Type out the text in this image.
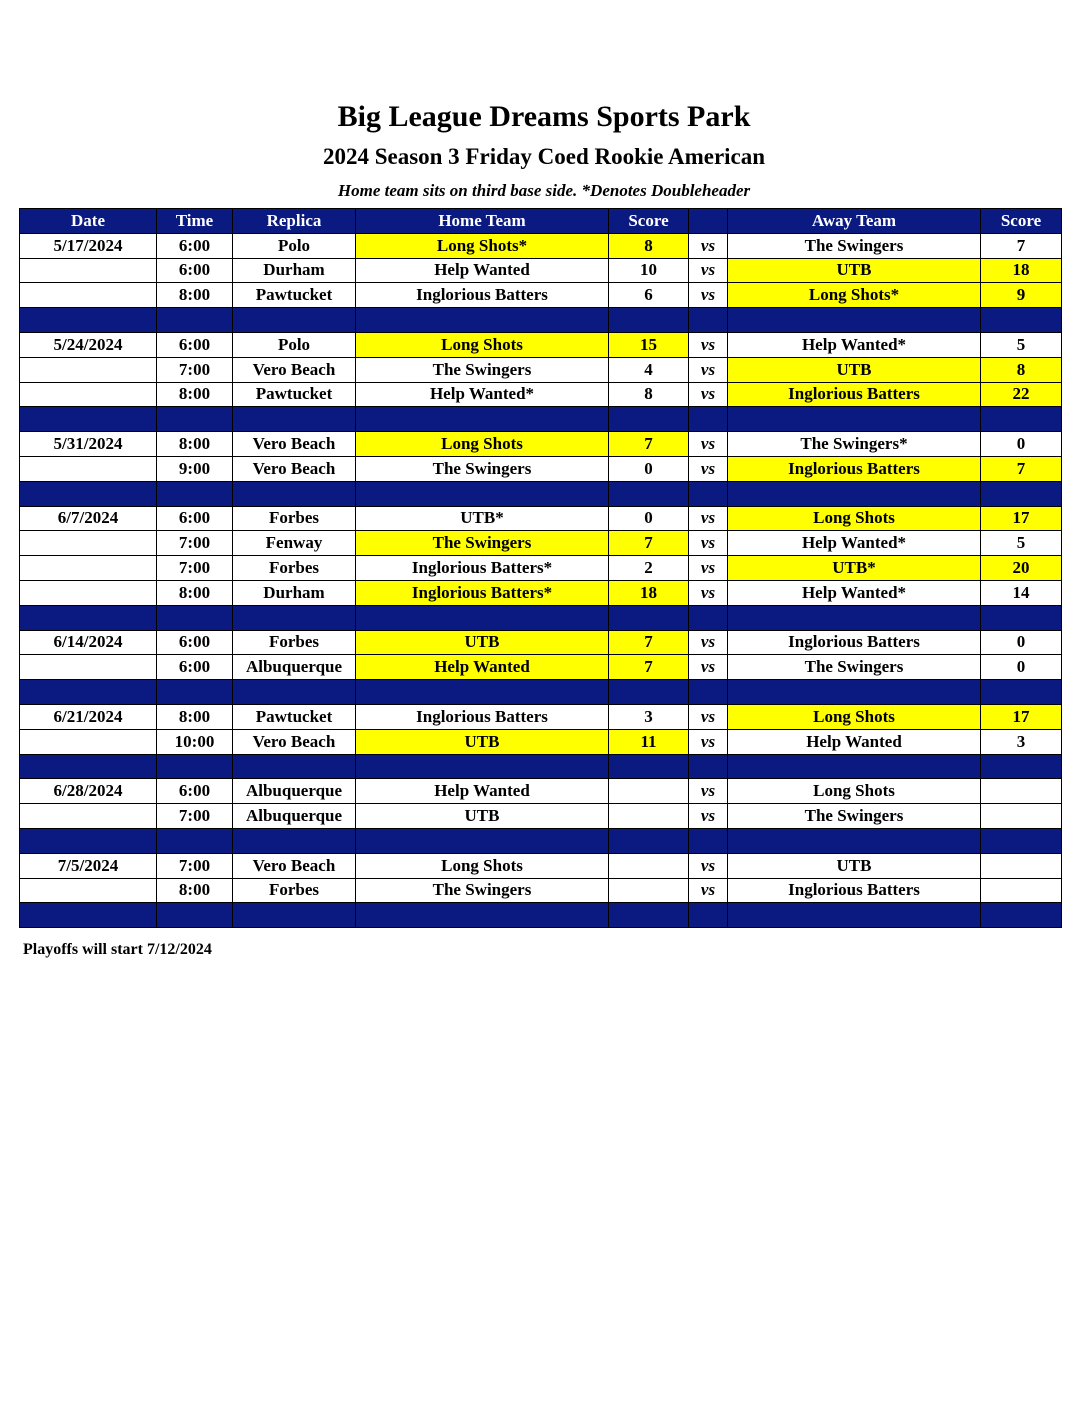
Big League Dreams Sports Park
2024 Season 3 Friday Coed Rookie American
Home team sits on third base side. *Denotes Doubleheader
Date	Time	Replica	Home Team	Score		Away Team	Score
5/17/2024	6:00	Polo	Long Shots*	8	vs	The Swingers	7
	6:00	Durham	Help Wanted	10	vs	UTB	18
	8:00	Pawtucket	Inglorious Batters	6	vs	Long Shots*	9

5/24/2024	6:00	Polo	Long Shots	15	vs	Help Wanted*	5
	7:00	Vero Beach	The Swingers	4	vs	UTB	8
	8:00	Pawtucket	Help Wanted*	8	vs	Inglorious Batters	22

5/31/2024	8:00	Vero Beach	Long Shots	7	vs	The Swingers*	0
	9:00	Vero Beach	The Swingers	0	vs	Inglorious Batters	7

6/7/2024	6:00	Forbes	UTB*	0	vs	Long Shots	17
	7:00	Fenway	The Swingers	7	vs	Help Wanted*	5
	7:00	Forbes	Inglorious Batters*	2	vs	UTB*	20
	8:00	Durham	Inglorious Batters*	18	vs	Help Wanted*	14

6/14/2024	6:00	Forbes	UTB	7	vs	Inglorious Batters	0
	6:00	Albuquerque	Help Wanted	7	vs	The Swingers	0

6/21/2024	8:00	Pawtucket	Inglorious Batters	3	vs	Long Shots	17
	10:00	Vero Beach	UTB	11	vs	Help Wanted	3

6/28/2024	6:00	Albuquerque	Help Wanted		vs	Long Shots	
	7:00	Albuquerque	UTB		vs	The Swingers	

7/5/2024	7:00	Vero Beach	Long Shots		vs	UTB	
	8:00	Forbes	The Swingers		vs	Inglorious Batters	

Playoffs will start 7/12/2024
